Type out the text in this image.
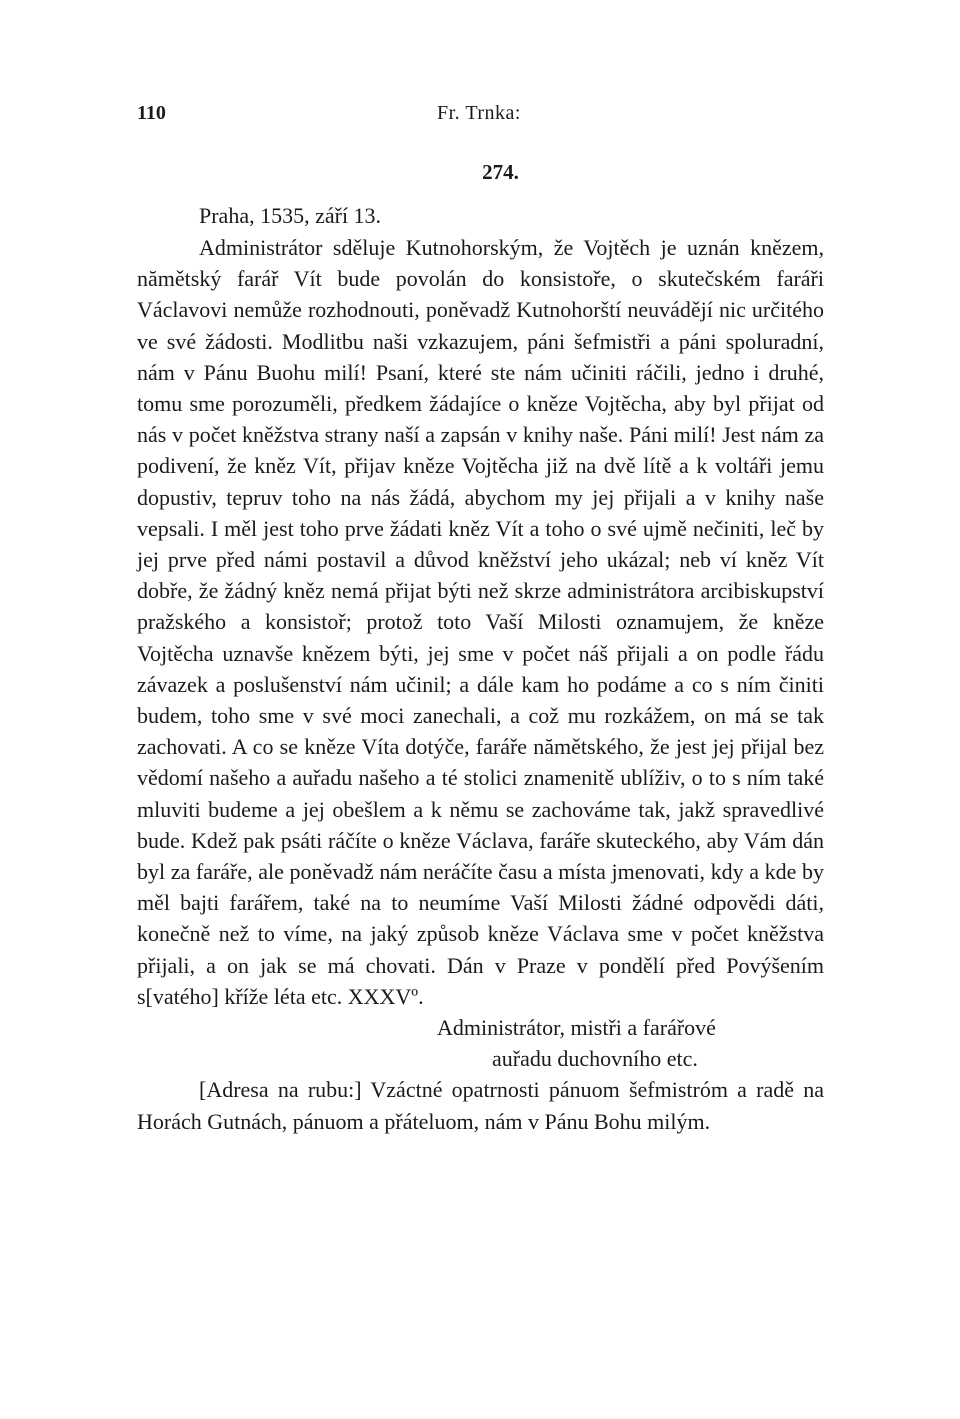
110	Fr. Trnka:
274.
Praha, 1535, září 13.

Administrátor sděluje Kutnohorským, že Vojtěch je uznán knězem, nămětský farář Vít bude povolán do konsistoře, o skutečském faráři Václavovi nemůže rozhodnouti, poněvadž Kutnohorští neuvádějí nic určitého ve své žádosti. Modlitbu naši vzkazujem, páni šefmistři a páni spoluradní, nám v Pánu Buohu milí! Psaní, které ste nám učiniti ráčili, jedno i druhé, tomu sme porozuměli, předkem žádajíce o kněze Vojtěcha, aby byl přijat od nás v počet kněžstva strany naší a zapsán v knihy naše. Páni milí! Jest nám za podivení, že kněz Vít, přijav kněze Vojtěcha již na dvě lítě a k voltáři jemu dopustiv, tepruv toho na nás žádá, abychom my jej přijali a v knihy naše vepsali. I měl jest toho prve žádati kněz Vít a toho o své ujmě nečiniti, leč by jej prve před námi postavil a důvod kněžství jeho ukázal; neb ví kněz Vít dobře, že žádný kněz nemá přijat býti než skrze administrátora arcibiskupství pražského a konsistoř; protož toto Vaší Milosti oznamujem, že kněze Vojtěcha uznavše knězem býti, jej sme v počet náš přijali a on podle řádu závazek a poslušenství nám učinil; a dále kam ho podáme a co s ním činiti budem, toho sme v své moci zanechali, a což mu rozkážem, on má se tak zachovati. A co se kněze Víta dotýče, faráře nămětského, že jest jej přijal bez vědomí našeho a auřadu našeho a té stolici znamenitě ublíživ, o to s ním také mluviti budeme a jej obešlem a k němu se zachováme tak, jakž spravedlivé bude. Kdež pak psáti ráčíte o kněze Václava, faráře skuteckého, aby Vám dán byl za faráře, ale poněvadž nám neráčíte času a místa jmenovati, kdy a kde by měl bajti farářem, také na to neumíme Vaší Milosti žádné odpovědi dáti, konečně než to víme, na jaký způsob kněze Václava sme v počet kněžstva přijali, a on jak se má chovati. Dán v Praze v pondělí před Povýšením s[vatého] kříže léta etc. XXXVº.

Administrátor, mistři a farářové
auřadu duchovního etc.

[Adresa na rubu:] Vzáctné opatrnosti pánuom šefmistróm a radě na Horách Gutnách, pánuom a přáteluom, nám v Pánu Bohu milým.
